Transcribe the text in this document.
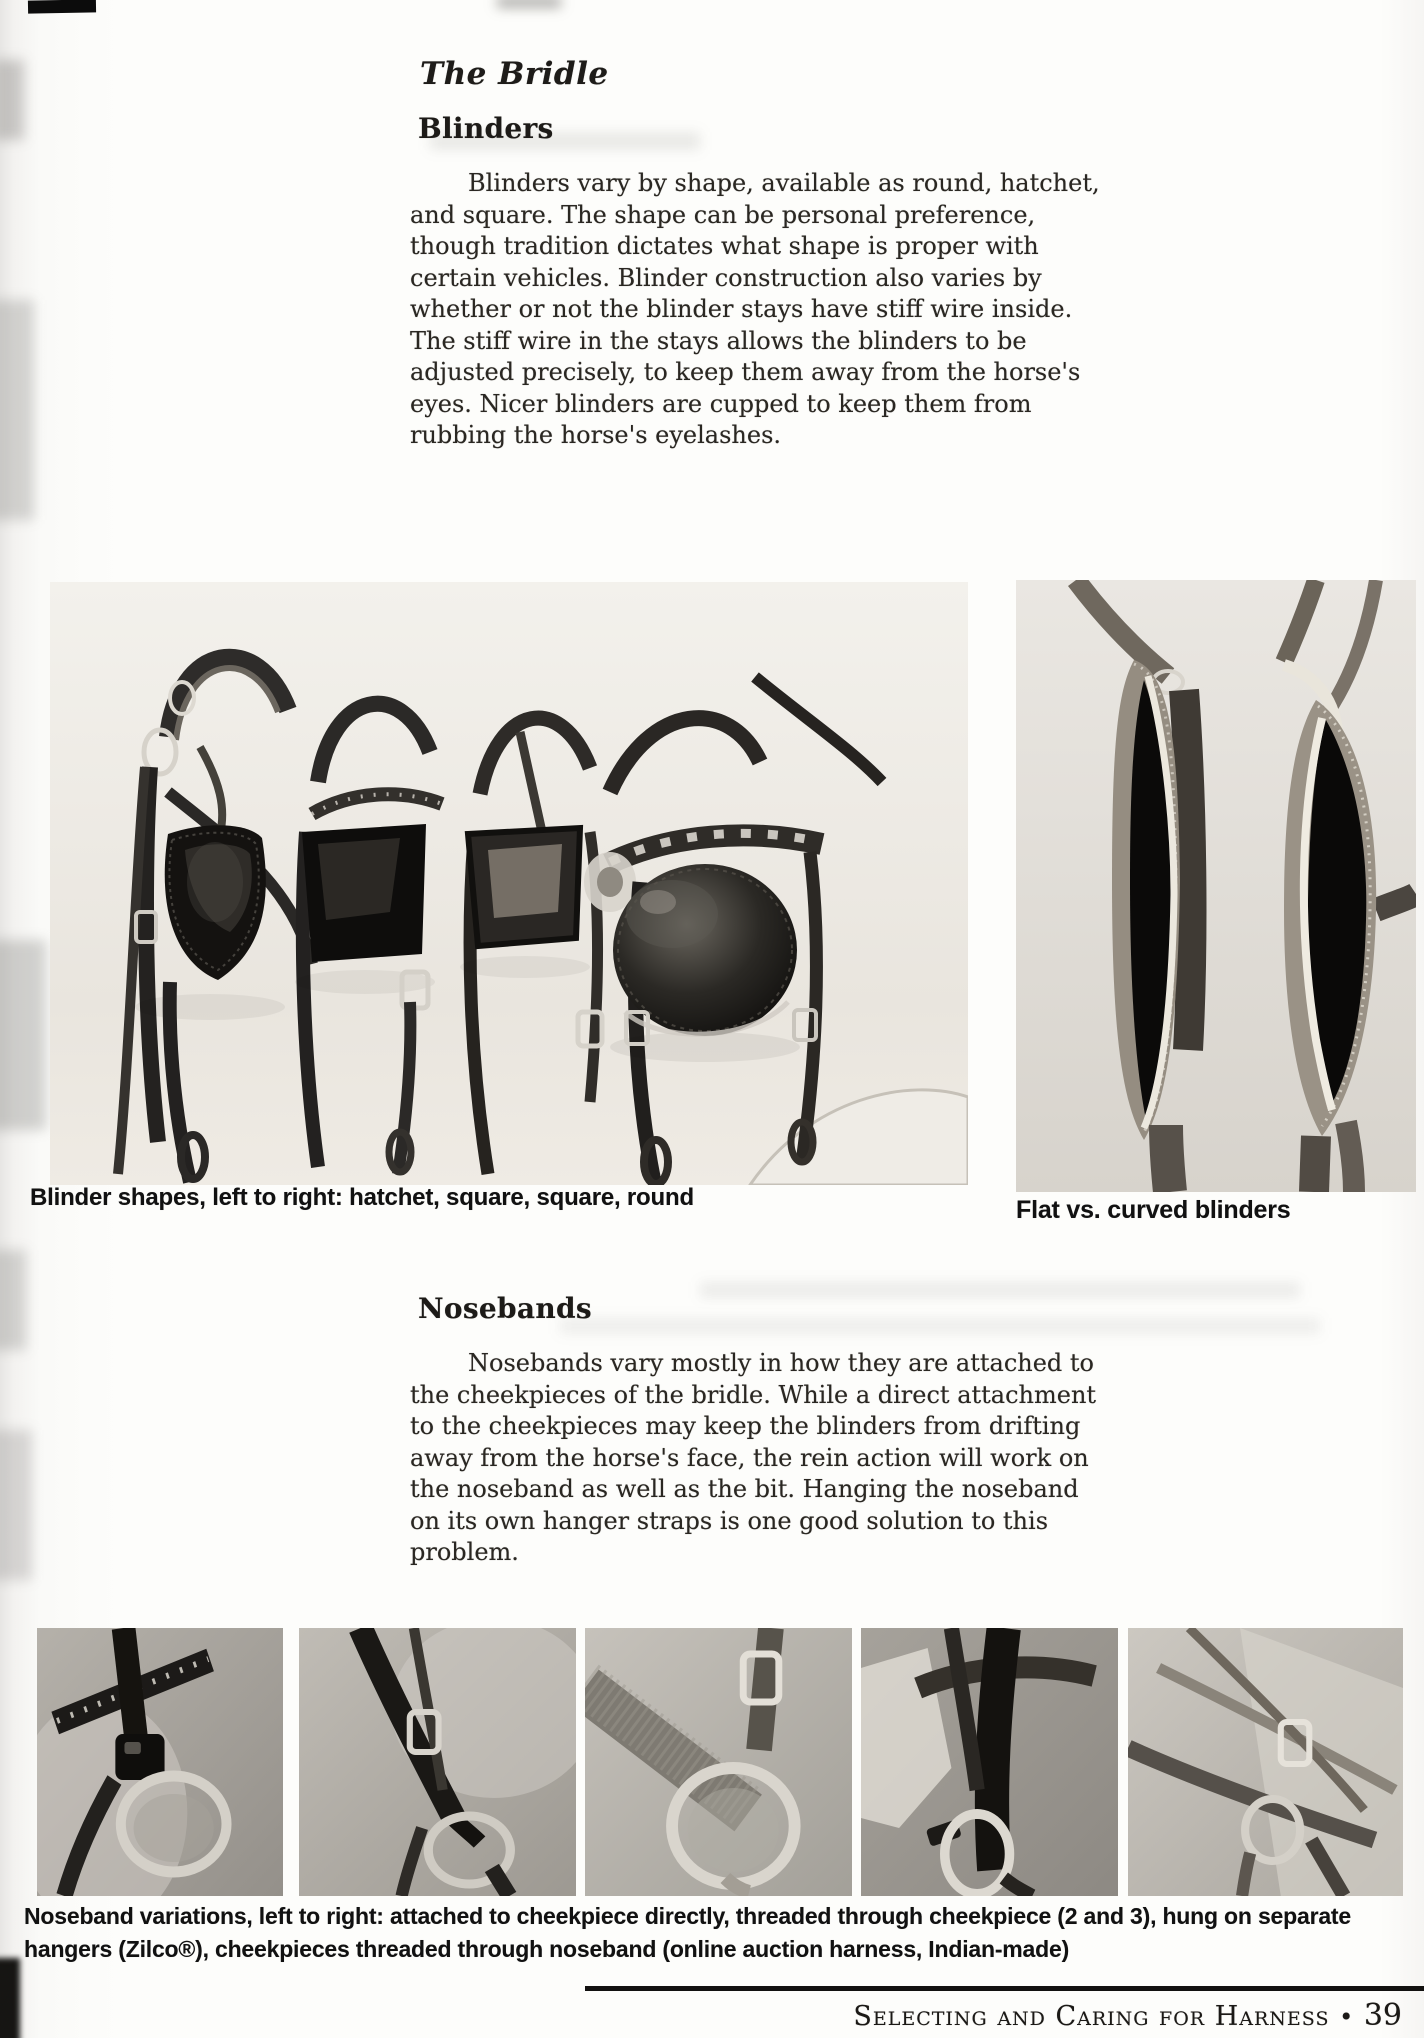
The Bridle
Blinders
Blinders vary by shape, available as round, hatchet, and square. The shape can be personal preference, though tradition dictates what shape is proper with certain vehicles. Blinder construction also varies by whether or not the blinder stays have stiff wire inside. The stiff wire in the stays allows the blinders to be adjusted precisely, to keep them away from the horse's eyes. Nicer blinders are cupped to keep them from rubbing the horse's eyelashes.
Blinder shapes, left to right: hatchet, square, square, round	Flat vs. curved blinders
Nosebands
Nosebands vary mostly in how they are attached to the cheekpieces of the bridle. While a direct attachment to the cheekpieces may keep the blinders from drifting away from the horse's face, the rein action will work on the noseband as well as the bit. Hanging the noseband on its own hanger straps is one good solution to this problem.
Noseband variations, left to right: attached to cheekpiece directly, threaded through cheekpiece (2 and 3), hung on separate hangers (Zilco®), cheekpieces threaded through noseband (online auction harness, Indian-made)
Selecting and Caring for Harness • 39
